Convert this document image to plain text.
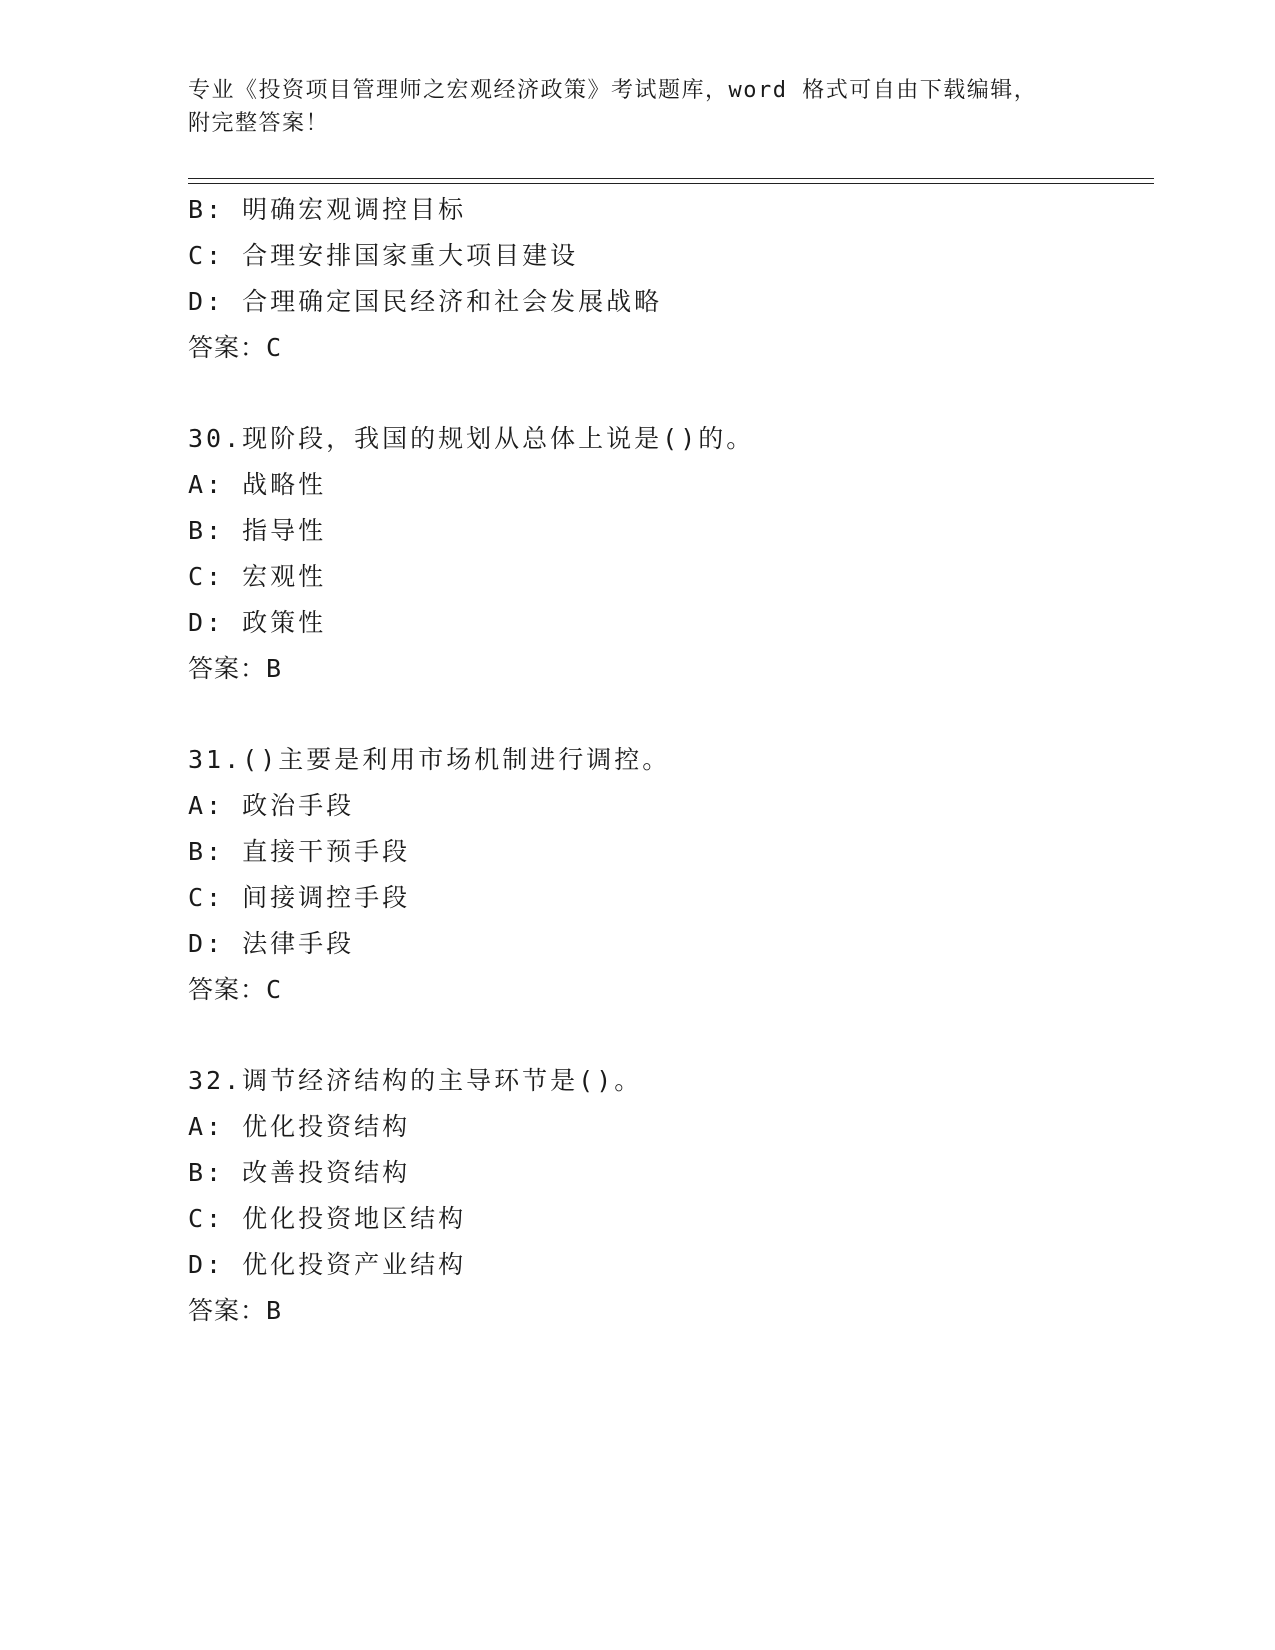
专业《投资项目管理师之宏观经济政策》考试题库，word 格式可自由下载编辑，
附完整答案！
B: 明确宏观调控目标
C: 合理安排国家重大项目建设
D: 合理确定国民经济和社会发展战略
答案：C
30.现阶段，我国的规划从总体上说是()的。
A: 战略性
B: 指导性
C: 宏观性
D: 政策性
答案：B
31.()主要是利用市场机制进行调控。
A: 政治手段
B: 直接干预手段
C: 间接调控手段
D: 法律手段
答案：C
32.调节经济结构的主导环节是()。
A: 优化投资结构
B: 改善投资结构
C: 优化投资地区结构
D: 优化投资产业结构
答案：B
